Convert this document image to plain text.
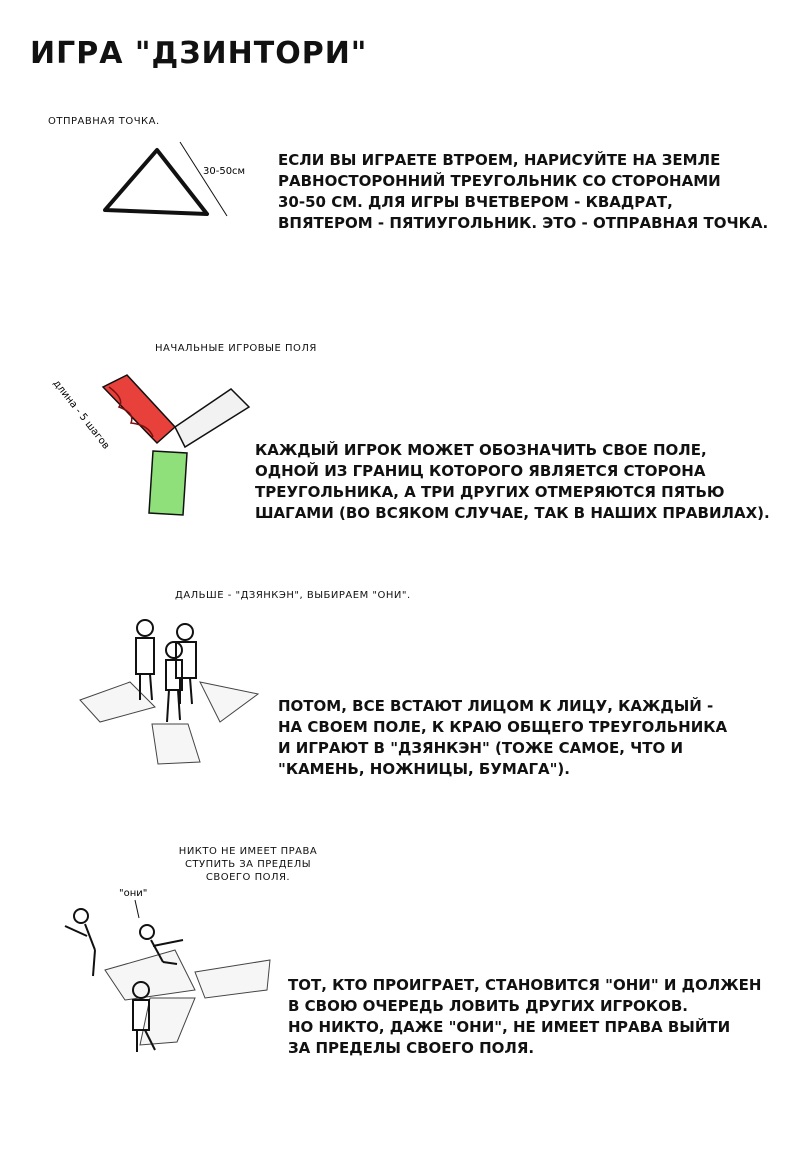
ИГРА "ДЗИНТОРИ"
ОТПРАВНАЯ ТОЧКА.
30-50см
ЕСЛИ ВЫ ИГРАЕТЕ ВТРОЕМ, НАРИСУЙТЕ НА ЗЕМЛЕ
РАВНОСТОРОННИЙ ТРЕУГОЛЬНИК СО СТОРОНАМИ
30-50 СМ. ДЛЯ ИГРЫ ВЧЕТВЕРОМ - КВАДРАТ,
ВПЯТЕРОМ - ПЯТИУГОЛЬНИК. ЭТО - ОТПРАВНАЯ ТОЧКА.
НАЧАЛЬНЫЕ ИГРОВЫЕ ПОЛЯ
длина - 5 шагов	КАЖДЫЙ ИГРОК МОЖЕТ ОБОЗНАЧИТЬ СВОЕ ПОЛЕ,
ОДНОЙ ИЗ ГРАНИЦ КОТОРОГО ЯВЛЯЕТСЯ СТОРОНА
ТРЕУГОЛЬНИКА, А ТРИ ДРУГИХ ОТМЕРЯЮТСЯ ПЯТЬЮ
ШАГАМИ (ВО ВСЯКОМ СЛУЧАЕ, ТАК В НАШИХ ПРАВИЛАХ).
ДАЛЬШЕ - "ДЗЯНКЭН", ВЫБИРАЕМ "ОНИ".
ПОТОМ, ВСЕ ВСТАЮТ ЛИЦОМ К ЛИЦУ, КАЖДЫЙ -
НА СВОЕМ ПОЛЕ, К КРАЮ ОБЩЕГО ТРЕУГОЛЬНИКА
И ИГРАЮТ В "ДЗЯНКЭН" (ТОЖЕ САМОЕ, ЧТО И
"КАМЕНЬ, НОЖНИЦЫ, БУМАГА").
НИКТО НЕ ИМЕЕТ ПРАВА
СТУПИТЬ ЗА ПРЕДЕЛЫ
СВОЕГО ПОЛЯ.
"они"
ТОТ, КТО ПРОИГРАЕТ, СТАНОВИТСЯ "ОНИ" И ДОЛЖЕН
В СВОЮ ОЧЕРЕДЬ ЛОВИТЬ ДРУГИХ ИГРОКОВ.
НО НИКТО, ДАЖЕ "ОНИ", НЕ ИМЕЕТ ПРАВА ВЫЙТИ
ЗА ПРЕДЕЛЫ СВОЕГО ПОЛЯ.
